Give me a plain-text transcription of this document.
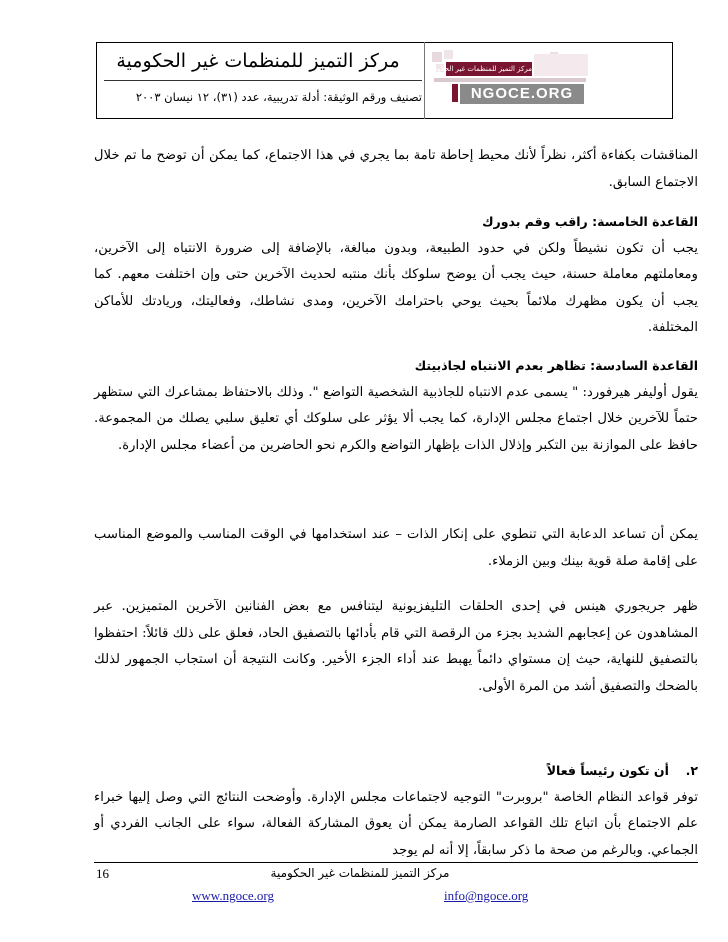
مركز التميز للمنظمات غير الحكومية
تصنيف ورقم الوثيقة: أدلة تدريبية، عدد (٣١)، ١٢ نيسان ٢٠٠٣
مركز التميز للمنظمات غير الحكومية
NGOCE.ORG

المناقشات بكفاءة أكثر، نظراً لأنك محيط إحاطة تامة بما يجري في هذا الاجتماع، كما يمكن أن توضح ما تم خلال الاجتماع السابق.

القاعدة الخامسة: راقب وقم بدورك

يجب أن تكون نشيطاً ولكن في حدود الطبيعة، وبدون مبالغة، بالإضافة إلى ضرورة الانتباه إلى الآخرين، ومعاملتهم معاملة حسنة، حيث يجب أن يوضح سلوكك بأنك منتبه لحديث الآخرين حتى وإن اختلفت معهم. كما يجب أن يكون مظهرك ملائماً بحيث يوحي باحترامك الآخرين، ومدى نشاطك، وفعاليتك، وريادتك للأماكن المختلفة.

القاعدة السادسة: تظاهر بعدم الانتباه لجاذبيتك

يقول أوليفر هيرفورد: " يسمى عدم الانتباه للجاذبية الشخصية التواضع ". وذلك بالاحتفاظ بمشاعرك التي ستظهر حتماً للآخرين خلال اجتماع مجلس الإدارة، كما يجب ألا يؤثر على سلوكك أي تعليق سلبي يصلك من المجموعة. حافظ على الموازنة بين التكبر وإذلال الذات بإظهار التواضع والكرم نحو الحاضرين من أعضاء مجلس الإدارة.

يمكن أن تساعد الدعابة التي تنطوي على إنكار الذات – عند استخدامها في الوقت المناسب والموضع المناسب على إقامة صلة قوية بينك وبين الزملاء.

ظهر جريجوري هينس في إحدى الحلقات التليفزيونية ليتنافس مع بعض الفنانين الآخرين المتميزين. عبر المشاهدون عن إعجابهم الشديد بجزء من الرقصة التي قام بأدائها بالتصفيق الحاد، فعلق على ذلك قائلاً: احتفظوا بالتصفيق للنهاية، حيث إن مستواي دائماً يهبط عند أداء الجزء الأخير. وكانت النتيجة أن استجاب الجمهور لذلك بالضحك والتصفيق أشد من المرة الأولى.

٢.  أن تكون رئيساً فعالاً

توفر قواعد النظام الخاصة "بروبرت" التوجيه لاجتماعات مجلس الإدارة. وأوضحت النتائج التي وصل إليها خبراء علم الاجتماع بأن اتباع تلك القواعد الصارمة يمكن أن يعوق المشاركة الفعالة، سواء على الجانب الفردي أو الجماعي. وبالرغم من صحة ما ذكر سابقاً، إلا أنه لم يوجد

16	مركز التميز للمنظمات غير الحكومية
www.ngoce.org	info@ngoce.org
